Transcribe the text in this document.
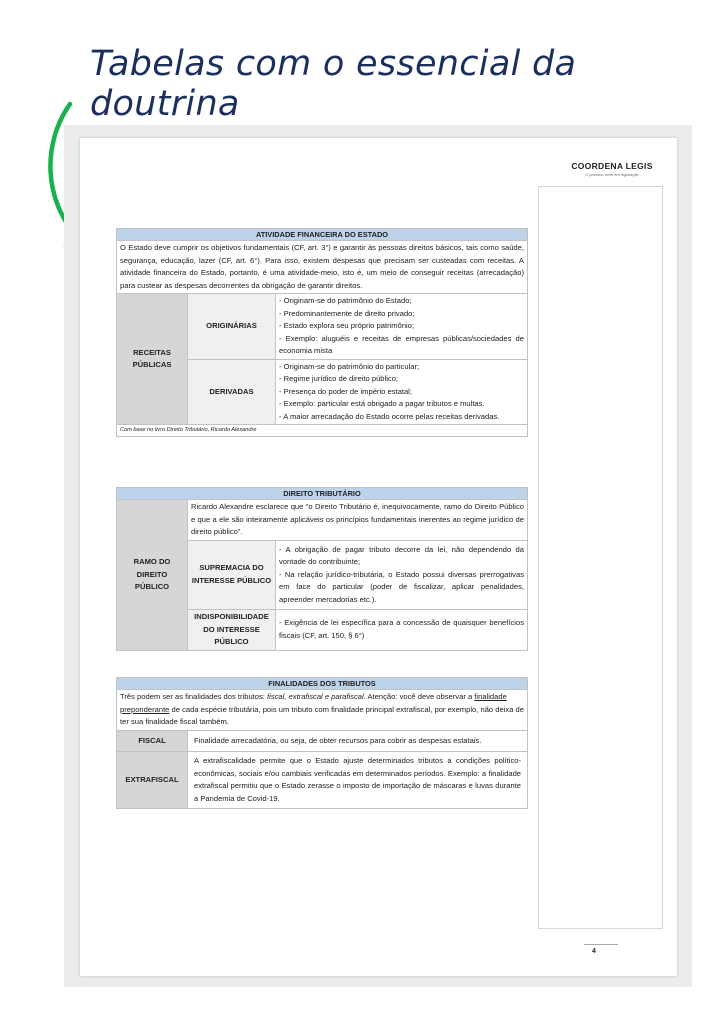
Tabelas com o essencial da doutrina
COORDENA LEGIS
O próximo nível em legislação
ATIVIDADE FINANCEIRA DO ESTADO		
O Estado deve cumprir os objetivos fundamentais (CF, art. 3°) e garantir às pessoas direitos básicos, tais como saúde, segurança, educação, lazer (CF, art. 6°). Para isso, existem despesas que precisam ser custeadas com receitas. A atividade financeira do Estado, portanto, é uma atividade-meio, isto é, um meio de conseguir receitas (arrecadação) para custear as despesas decorrentes da obrigação de garantir direitos.		
RECEITAS PÚBLICAS	ORIGINÁRIAS	- Originam-se do patrimônio do Estado;
- Predominantemente de direito privado;
- Estado explora seu próprio patrimônio;
- Exemplo: aluguéis e receitas de empresas públicas/sociedades de economia mista

	DERIVADAS	- Originam-se do patrimônio do particular;
- Regime jurídico de direito público;
- Presença do poder de império estatal;
- Exemplo: particular está obrigado a pagar tributos e multas.
- A maior arrecadação do Estado ocorre pelas receitas derivadas.

Com base no livro Direito Tributário, Ricardo Alexandre		
DIREITO TRIBUTÁRIO		
RAMO DO DIREITO PÚBLICO	Ricardo Alexandre esclarece que “o Direito Tributário é, inequivocamente, ramo do Direito Público e que a ele são inteiramente aplicáveis os princípios fundamentais inerentes ao regime jurídico de direito público”.	
	SUPREMACIA DO INTERESSE PÚBLICO	- A obrigação de pagar tributo decorre da lei, não dependendo da vontade do contribuinte;
- Na relação jurídico-tributária, o Estado possui diversas prerrogativas em face do particular (poder de fiscalizar, aplicar penalidades, apreender mercadorias etc.).

	INDISPONIBILIDADE DO INTERESSE PÚBLICO	- Exigência de lei específica para a concessão de quaisquer benefícios fiscais (CF, art. 150, § 6°)
FINALIDADES DOS TRIBUTOS	
Três podem ser as finalidades dos tributos: fiscal, extrafiscal e parafiscal. Atenção: você deve observar a finalidade preponderante de cada espécie tributária, pois um tributo com finalidade principal extrafiscal, por exemplo, não deixa de ter sua finalidade fiscal também.	
FISCAL	Finalidade arrecadatória, ou seja, de obter recursos para cobrir as despesas estatais.
EXTRAFISCAL	A extrafiscalidade permite que o Estado ajuste determinados tributos a condições político-econômicas, sociais e/ou cambiais verificadas em determinados períodos. Exemplo: a finalidade extrafiscal permitiu que o Estado zerasse o imposto de importação de máscaras e luvas durante a Pandemia de Covid-19.
4
